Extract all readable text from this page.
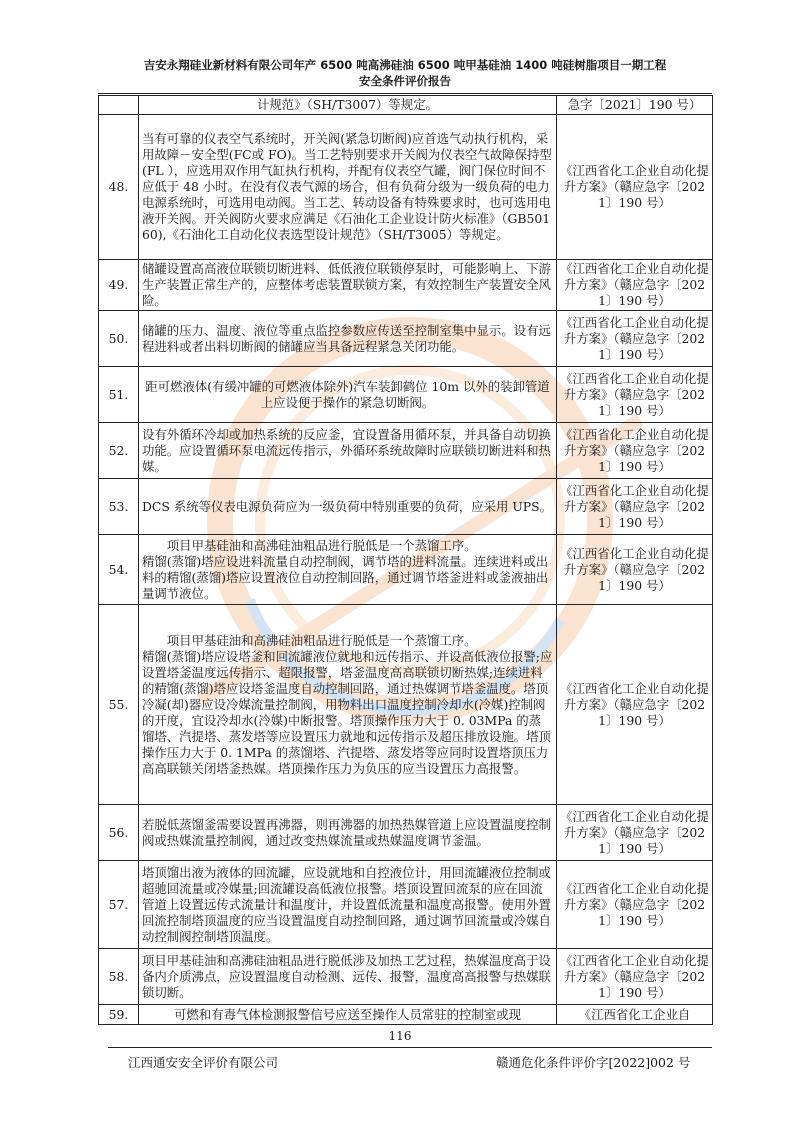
吉安永翔硅业新材料有限公司年产 6500 吨高沸硅油 6500 吨甲基硅油 1400 吨硅树脂项目一期工程
安全条件评价报告
	计规范》（SH/T3007）等规定。	急字〔2021〕190 号）
48.	当有可靠的仪表空气系统时，开关阀(紧急切断阀)应首选气动执行机构，采用故障－安全型(FC或 FO)。当工艺特别要求开关阀为仪表空气故障保持型(FL ），应选用双作用气缸执行机构，并配有仪表空气罐，阀门保位时间不应低于 48 小时。在没有仪表气源的场合，但有负荷分级为一级负荷的电力电源系统时，可选用电动阀。当工艺、转动设备有特殊要求时，也可选用电液开关阀。开关阀防火要求应满足《石油化工企业设计防火标准》（GB50160),《石油化工自动化仪表选型设计规范》（SH/T3005）等规定。	《江西省化工企业自动化提升方案》（赣应急字〔2021〕190 号）
49.	储罐设置高高液位联锁切断进料、低低液位联锁停泵时，可能影响上、下游生产装置正常生产的，应整体考虑装置联锁方案，有效控制生产装置安全风险。	《江西省化工企业自动化提升方案》（赣应急字〔2021〕190 号）
50.	储罐的压力、温度、液位等重点监控参数应传送至控制室集中显示。设有远程进料或者出料切断阀的储罐应当具备远程紧急关闭功能。	《江西省化工企业自动化提升方案》（赣应急字〔2021〕190 号）
51.	距可燃液体(有缓冲罐的可燃液体除外)汽车装卸鹤位 10m 以外的装卸管道上应设便于操作的紧急切断阀。	《江西省化工企业自动化提升方案》（赣应急字〔2021〕190 号）
52.	设有外循环冷却或加热系统的反应釜，宜设置备用循环泵，并具备自动切换功能。应设置循环泵电流远传指示，外循环系统故障时应联锁切断进料和热媒。	《江西省化工企业自动化提升方案》（赣应急字〔2021〕190 号）
53.	DCS 系统等仪表电源负荷应为一级负荷中特别重要的负荷，应采用 UPS。	《江西省化工企业自动化提升方案》（赣应急字〔2021〕190 号）
54.	项目甲基硅油和高沸硅油粗品进行脱低是一个蒸馏工序。
精馏(蒸馏)塔应设进料流量自动控制阀，调节塔的进料流量。连续进料或出料的精馏(蒸馏)塔应设置液位自动控制回路，通过调节塔釜进料或釜液抽出量调节液位。	《江西省化工企业自动化提升方案》（赣应急字〔2021〕190 号）
55.	项目甲基硅油和高沸硅油粗品进行脱低是一个蒸馏工序。
精馏(蒸馏)塔应设塔釜和回流罐液位就地和远传指示、并设高低液位报警;应设置塔釜温度远传指示、超限报警，塔釜温度高高联锁切断热媒;连续进料的精馏(蒸馏)塔应设塔釜温度自动控制回路，通过热媒调节塔釜温度。塔顶冷凝(却)器应设冷媒流量控制阀，用物料出口温度控制冷却水(冷媒)控制阀的开度，宜设冷却水(冷媒)中断报警。塔顶操作压力大于 0. 03MPa 的蒸馏塔、汽提塔、蒸发塔等应设置压力就地和远传指示及超压排放设施。塔顶操作压力大于 0. 1MPa 的蒸馏塔、汽提塔、蒸发塔等应同时设置塔顶压力高高联锁关闭塔釜热媒。塔顶操作压力为负压的应当设置压力高报警。	《江西省化工企业自动化提升方案》（赣应急字〔2021〕190 号）
56.	若脱低蒸馏釜需要设置再沸器，则再沸器的加热热媒管道上应设置温度控制阀或热媒流量控制阀，通过改变热媒流量或热媒温度调节釜温。	《江西省化工企业自动化提升方案》（赣应急字〔2021〕190 号）
57.	塔顶馏出液为液体的回流罐，应设就地和自控液位计，用回流罐液位控制或超驰回流量或冷媒量;回流罐设高低液位报警。塔顶设置回流泵的应在回流管道上设置远传式流量计和温度计，并设置低流量和温度高报警。使用外置回流控制塔顶温度的应当设置温度自动控制回路，通过调节回流量或冷媒自动控制阀控制塔顶温度。	《江西省化工企业自动化提升方案》（赣应急字〔2021〕190 号）
58.	项目甲基硅油和高沸硅油粗品进行脱低涉及加热工艺过程，热媒温度高于设备内介质沸点，应设置温度自动检测、远传、报警，温度高高报警与热媒联锁切断。	《江西省化工企业自动化提升方案》（赣应急字〔2021〕190 号）
59.	可燃和有毒气体检测报警信号应送至操作人员常驻的控制室或现	《江西省化工企业自
116
江西通安安全评价有限公司	赣通危化条件评价字[2022]002 号
